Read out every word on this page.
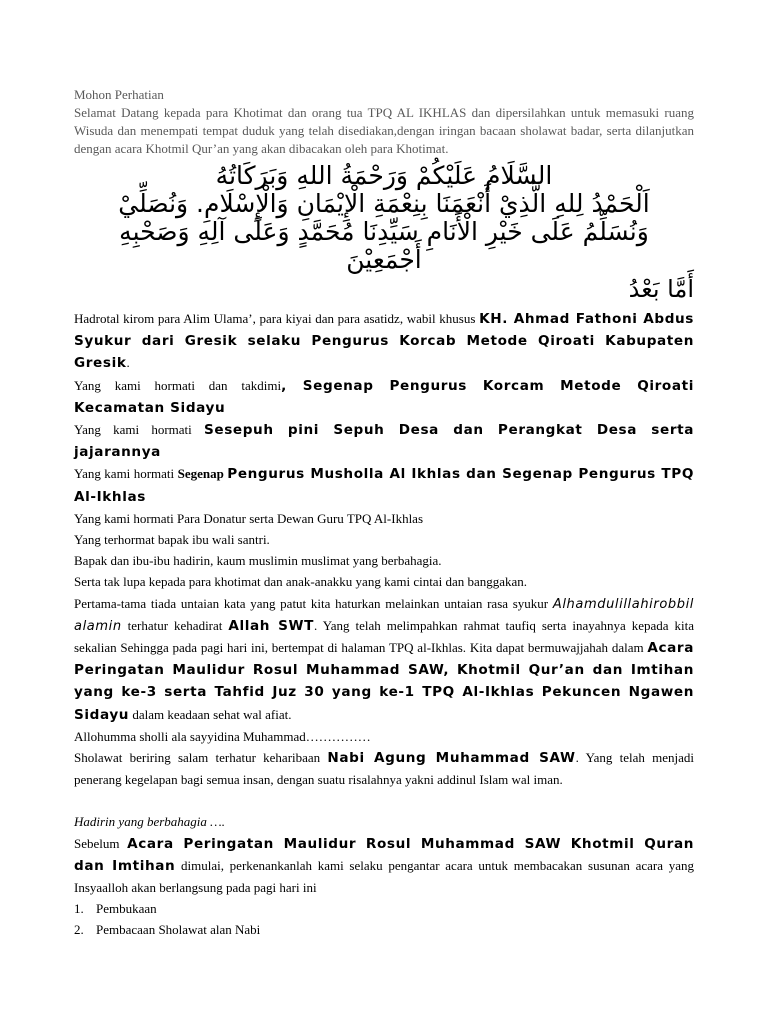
Mohon Perhatian

Selamat Datang kepada para Khotimat dan orang tua TPQ AL IKHLAS dan dipersilahkan untuk memasuki ruang Wisuda dan menempati tempat duduk yang telah disediakan,dengan iringan bacaan sholawat badar, serta dilanjutkan dengan acara Khotmil Qur’an yang akan dibacakan oleh para Khotimat.

السَّلَامُ عَلَيْكُمْ وَرَحْمَةُ اللهِ وَبَرَكَاتُهُ
اَلْحَمْدُ لِلهِ الَّذِيْ أَنْعَمَنَا بِنِعْمَةِ الْإِيْمَانِ وَالْإِسْلَامِ. وَنُصَلِّيْ
وَنُسَلِّمُ عَلَى خَيْرِ الْأَنَامِ سَيِّدِنَا مُحَمَّدٍ وَعَلَى آلِهِ وَصَحْبِهِ
أَجْمَعِيْنَ
أَمَّا بَعْدُ

Hadrotal kirom para Alim Ulama’, para kiyai dan para asatidz, wabil khusus KH. Ahmad Fathoni Abdus Syukur dari Gresik selaku Pengurus Korcab Metode Qiroati Kabupaten Gresik.

Yang kami hormati dan takdimi, Segenap Pengurus Korcam Metode Qiroati Kecamatan Sidayu

Yang kami hormati Sesepuh pini Sepuh Desa dan Perangkat Desa serta jajarannya

Yang kami hormati Segenap Pengurus Musholla Al Ikhlas dan Segenap Pengurus TPQ Al-Ikhlas

Yang kami hormati Para Donatur serta Dewan Guru TPQ Al-Ikhlas

Yang terhormat bapak ibu wali santri.

Bapak dan ibu-ibu hadirin, kaum muslimin muslimat yang berbahagia.

Serta tak lupa kepada para khotimat dan anak-anakku yang kami cintai dan banggakan.

Pertama-tama tiada untaian kata yang patut kita haturkan melainkan untaian rasa syukur Alhamdulillahirobbil alamin terhatur kehadirat Allah SWT. Yang telah melimpahkan rahmat taufiq serta inayahnya kepada kita sekalian Sehingga pada pagi hari ini, bertempat di halaman TPQ al-Ikhlas. Kita dapat bermuwajjahah dalam Acara Peringatan Maulidur Rosul Muhammad SAW, Khotmil Qur’an dan Imtihan yang ke-3 serta Tahfid Juz 30 yang ke-1 TPQ Al-Ikhlas Pekuncen Ngawen Sidayu dalam keadaan sehat wal afiat.

Allohumma sholli ala sayyidina Muhammad……………

Sholawat beriring salam terhatur keharibaan Nabi Agung Muhammad SAW. Yang telah menjadi penerang kegelapan bagi semua insan, dengan suatu risalahnya yakni addinul Islam wal iman.

Hadirin yang berbahagia ….

Sebelum Acara Peringatan Maulidur Rosul Muhammad SAW Khotmil Quran dan Imtihan dimulai, perkenankanlah kami selaku pengantar acara untuk membacakan susunan acara yang Insyaalloh akan berlangsung pada pagi hari ini

1. Pembukaan
2. Pembacaan Sholawat alan Nabi
